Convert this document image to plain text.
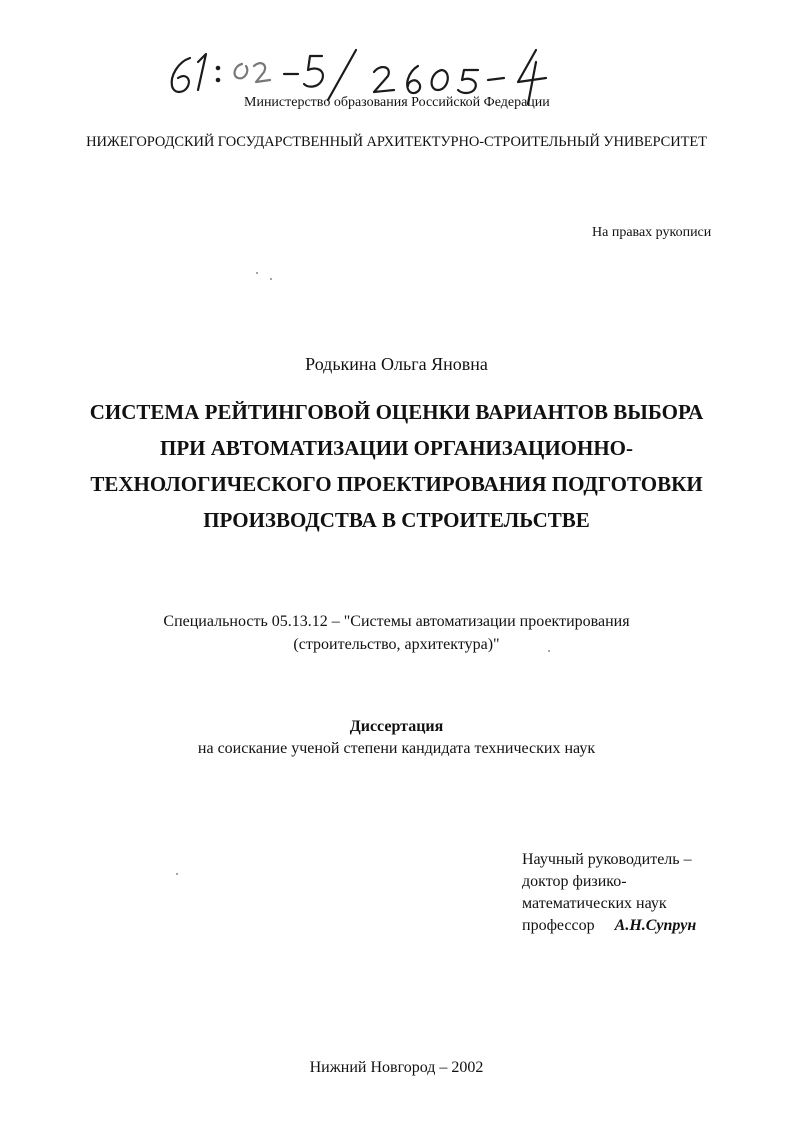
Министерство образования Российской Федерации
НИЖЕГОРОДСКИЙ ГОСУДАРСТВЕННЫЙ АРХИТЕКТУРНО-СТРОИТЕЛЬНЫЙ УНИВЕРСИТЕТ
На правах рукописи
Родькина Ольга Яновна
СИСТЕМА РЕЙТИНГОВОЙ ОЦЕНКИ ВАРИАНТОВ ВЫБОРА
ПРИ АВТОМАТИЗАЦИИ ОРГАНИЗАЦИОННО-
ТЕХНОЛОГИЧЕСКОГО ПРОЕКТИРОВАНИЯ ПОДГОТОВКИ
ПРОИЗВОДСТВА В СТРОИТЕЛЬСТВЕ
Специальность 05.13.12 – "Системы автоматизации проектирования
(строительство, архитектура)"
Диссертация
на соискание ученой степени кандидата технических наук
Научный руководитель –
доктор физико-
математических наук
профессор А.Н.Супрун
Нижний Новгород – 2002
